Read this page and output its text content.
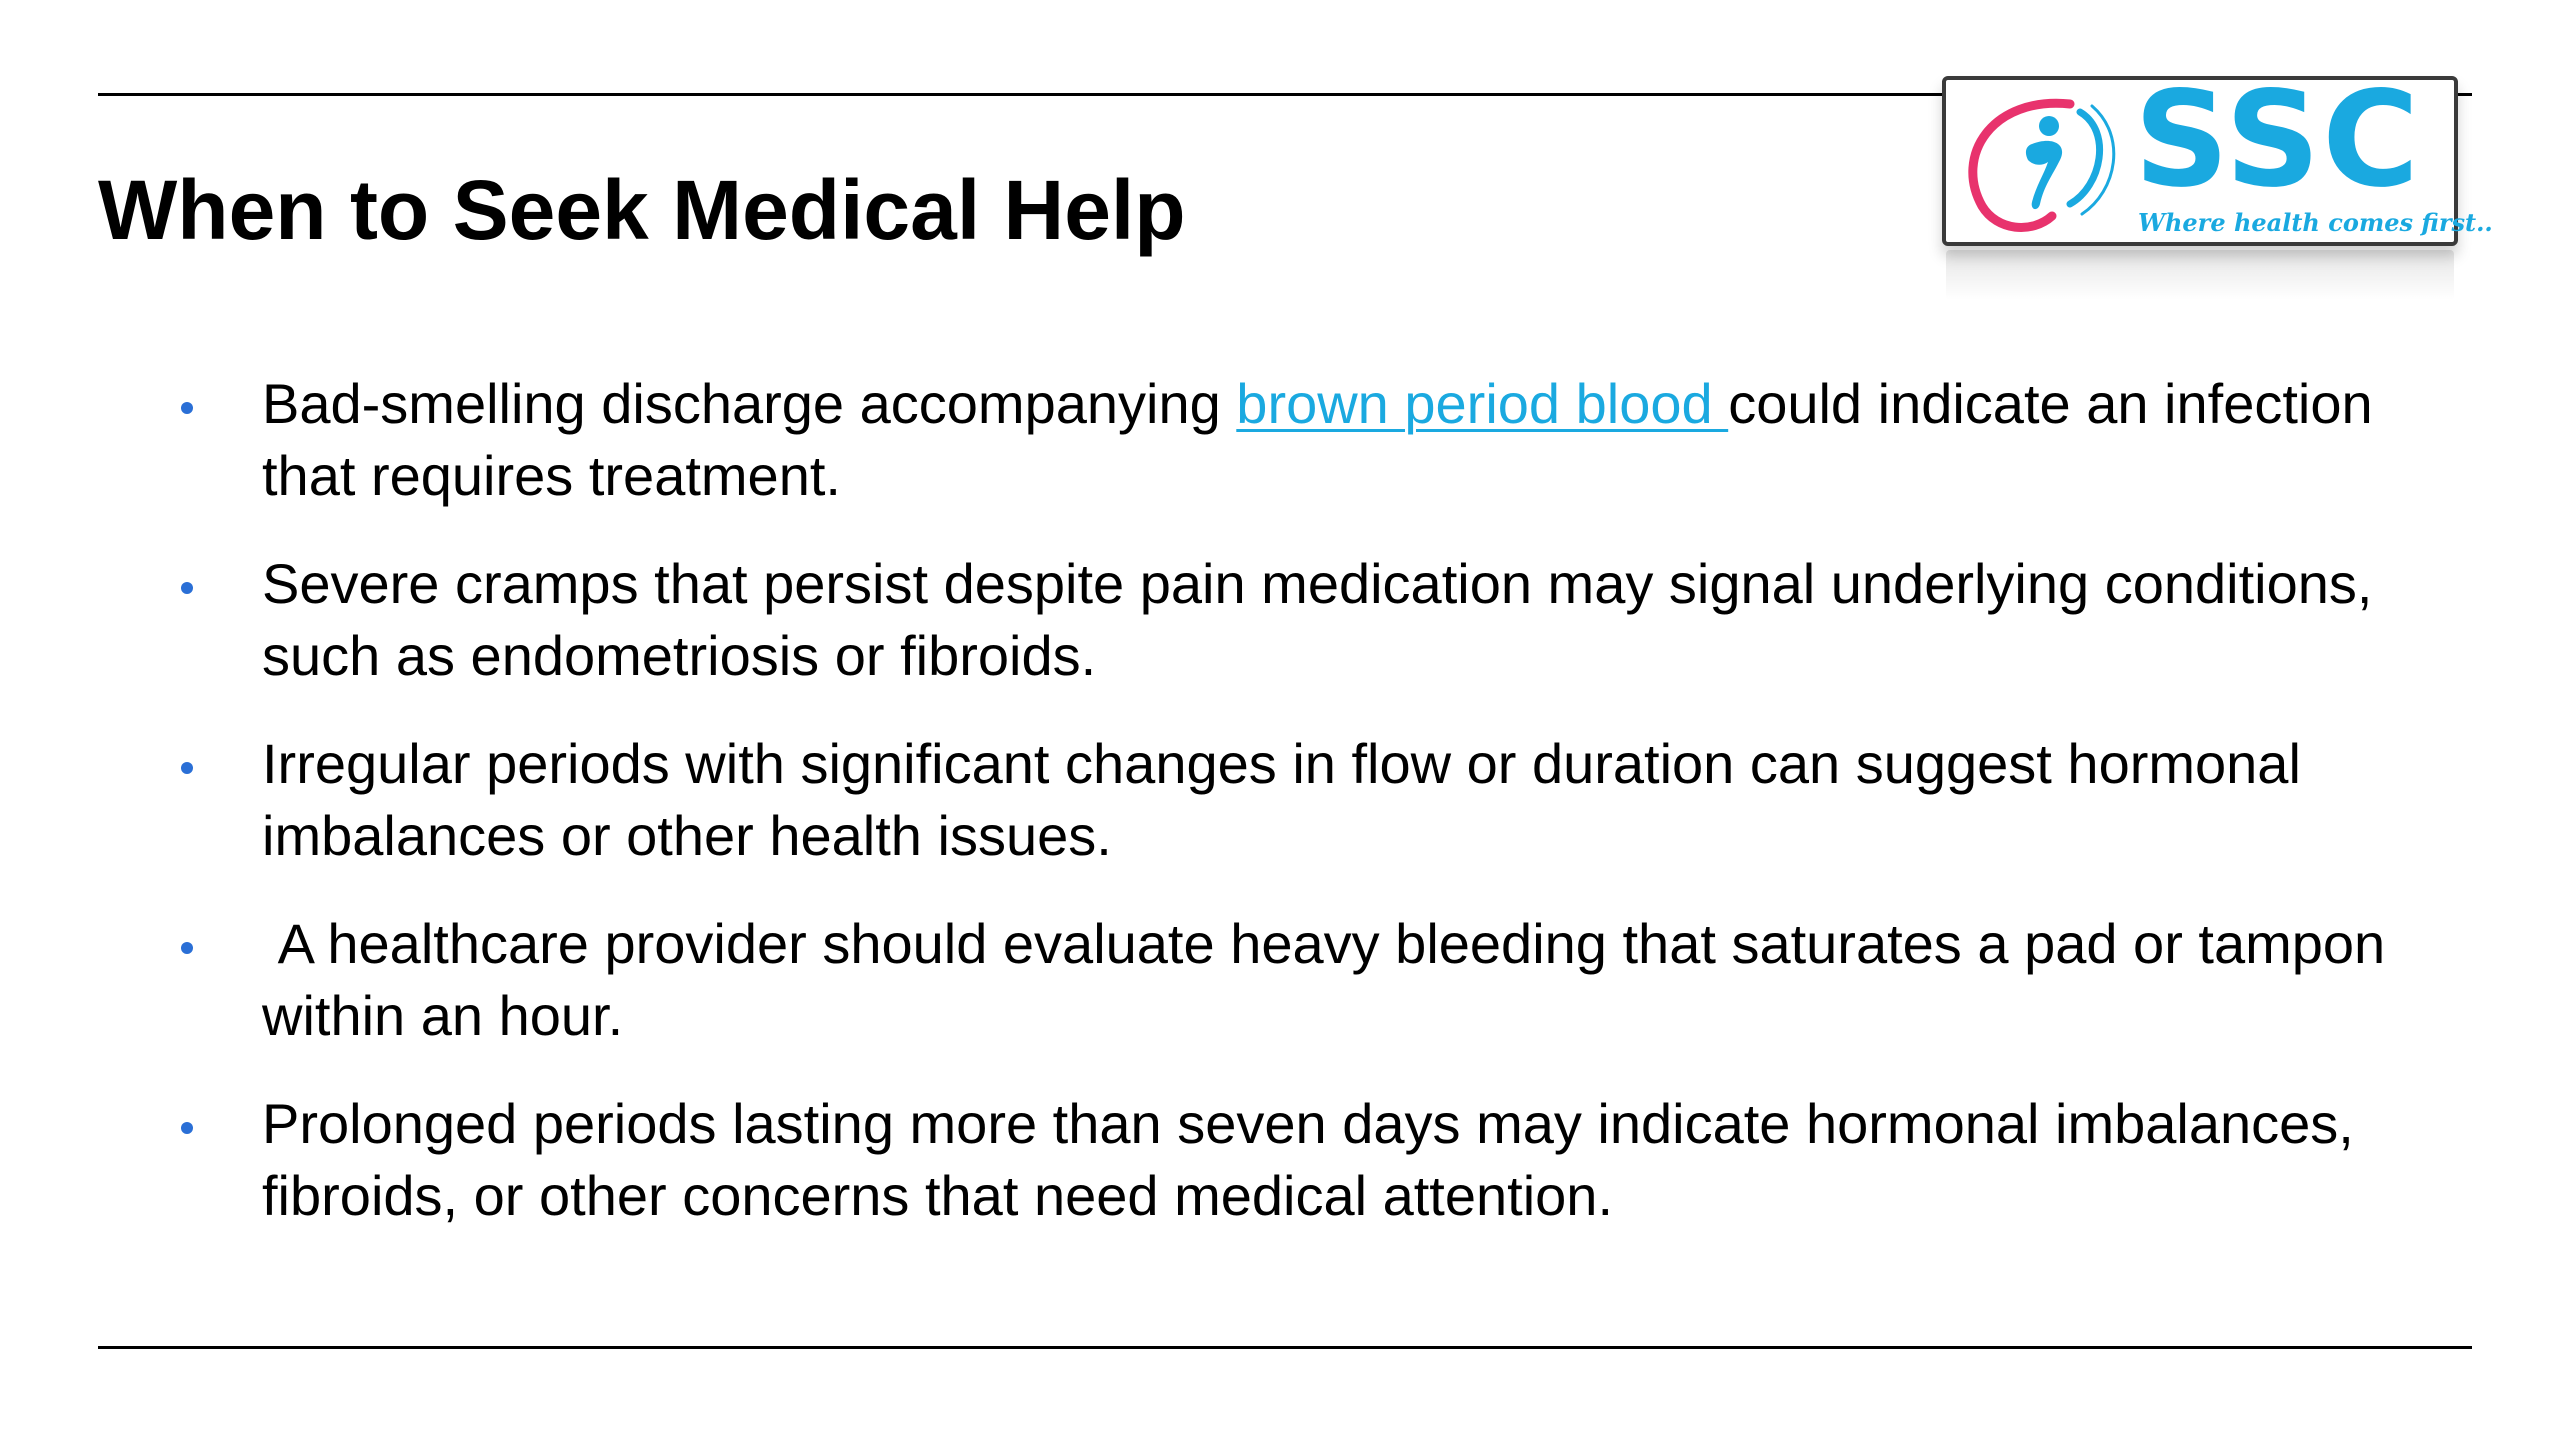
When to Seek Medical Help	SSC
Where health comes first..
Bad-smelling discharge accompanying brown period blood could indicate an infection that requires treatment.
Severe cramps that persist despite pain medication may signal underlying conditions, such as endometriosis or fibroids.
Irregular periods with significant changes in flow or duration can suggest hormonal imbalances or other health issues.
A healthcare provider should evaluate heavy bleeding that saturates a pad or tampon within an hour.
Prolonged periods lasting more than seven days may indicate hormonal imbalances, fibroids, or other concerns that need medical attention.
